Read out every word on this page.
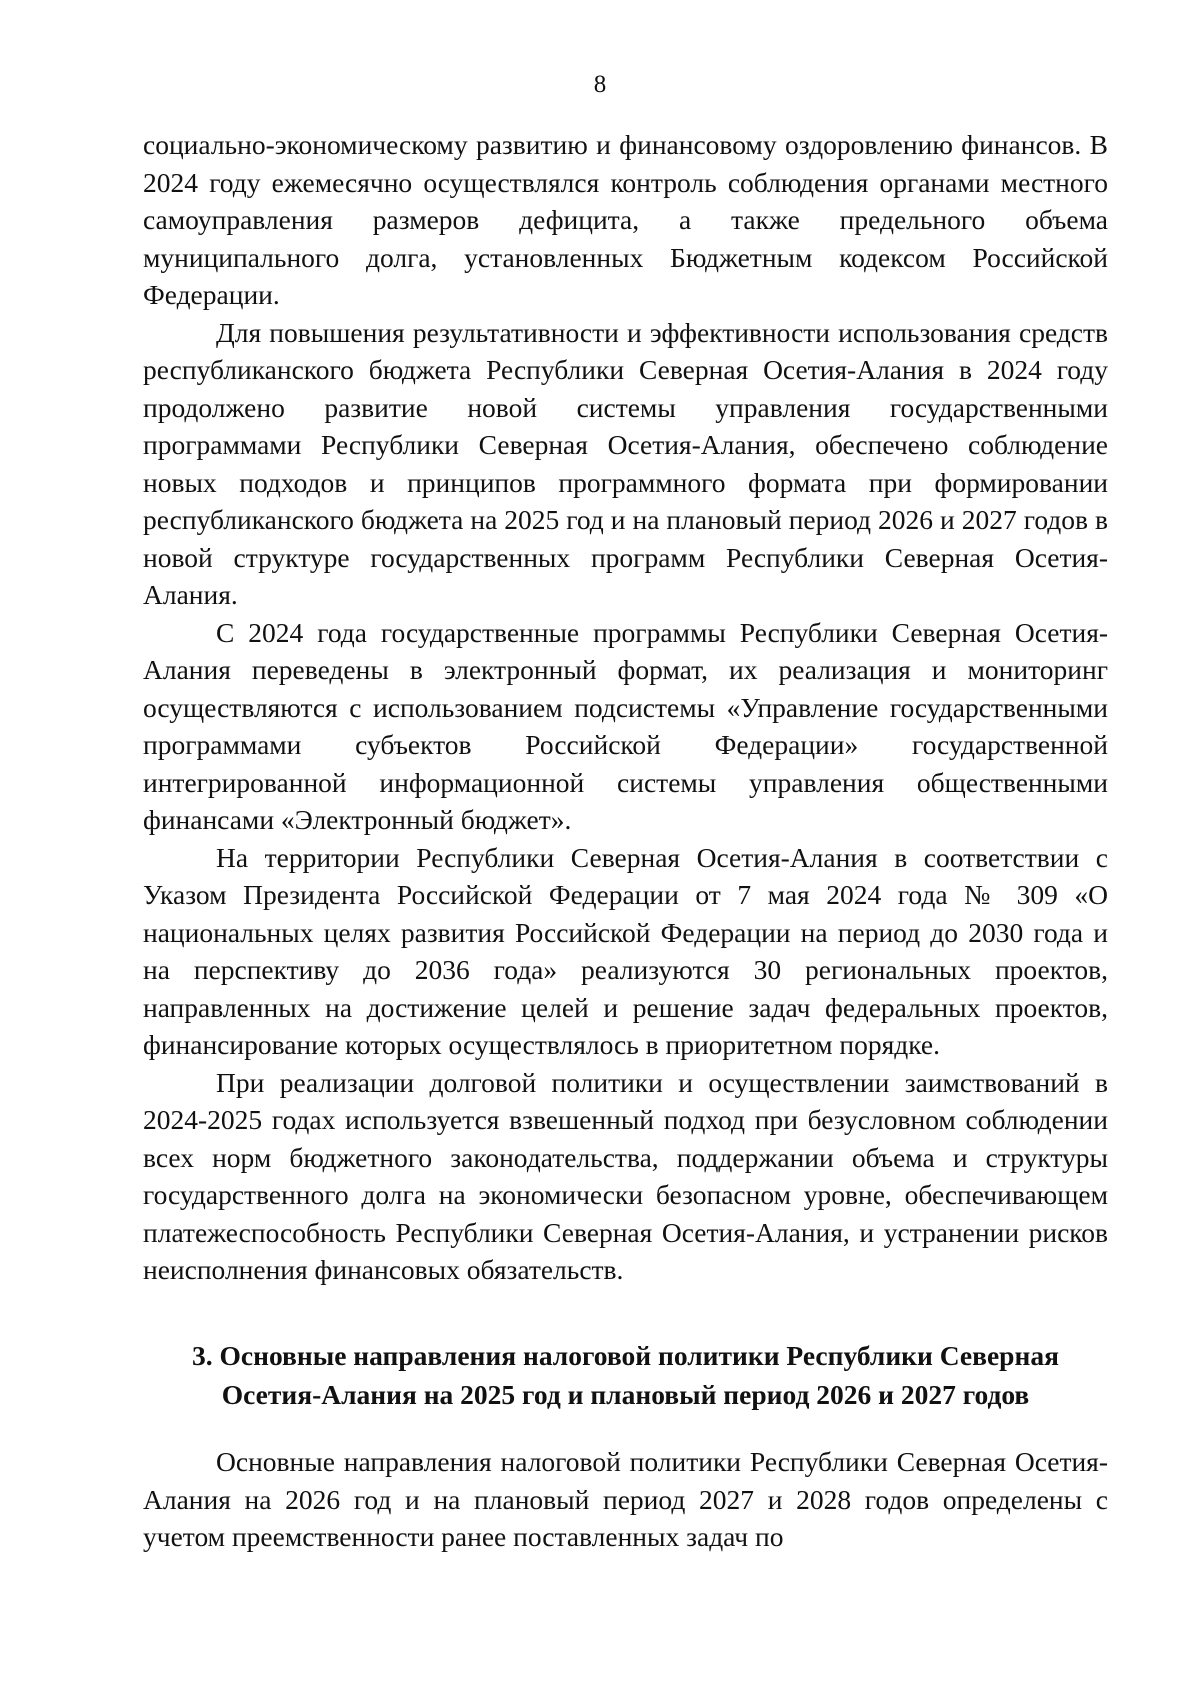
8

социально-экономическому развитию и финансовому оздоровлению финансов. В 2024 году ежемесячно осуществлялся контроль соблюдения органами местного самоуправления размеров дефицита, а также предельного объема муниципального долга, установленных Бюджетным кодексом Российской Федерации.

Для повышения результативности и эффективности использования средств республиканского бюджета Республики Северная Осетия-Алания в 2024 году продолжено развитие новой системы управления государственными программами Республики Северная Осетия-Алания, обеспечено соблюдение новых подходов и принципов программного формата при формировании республиканского бюджета на 2025 год и на плановый период 2026 и 2027 годов в новой структуре государственных программ Республики Северная Осетия-Алания.

С 2024 года государственные программы Республики Северная Осетия-Алания переведены в электронный формат, их реализация и мониторинг осуществляются с использованием подсистемы «Управление государственными программами субъектов Российской Федерации» государственной интегрированной информационной системы управления общественными финансами «Электронный бюджет».

На территории Республики Северная Осетия-Алания в соответствии с Указом Президента Российской Федерации от 7 мая 2024 года № 309 «О национальных целях развития Российской Федерации на период до 2030 года и на перспективу до 2036 года» реализуются 30 региональных проектов, направленных на достижение целей и решение задач федеральных проектов, финансирование которых осуществлялось в приоритетном порядке.

При реализации долговой политики и осуществлении заимствований в 2024-2025 годах используется взвешенный подход при безусловном соблюдении всех норм бюджетного законодательства, поддержании объема и структуры государственного долга на экономически безопасном уровне, обеспечивающем платежеспособность Республики Северная Осетия-Алания, и устранении рисков неисполнения финансовых обязательств.

3. Основные направления налоговой политики Республики Северная Осетия-Алания на 2025 год и плановый период 2026 и 2027 годов

Основные направления налоговой политики Республики Северная Осетия-Алания на 2026 год и на плановый период 2027 и 2028 годов определены с учетом преемственности ранее поставленных задач по
